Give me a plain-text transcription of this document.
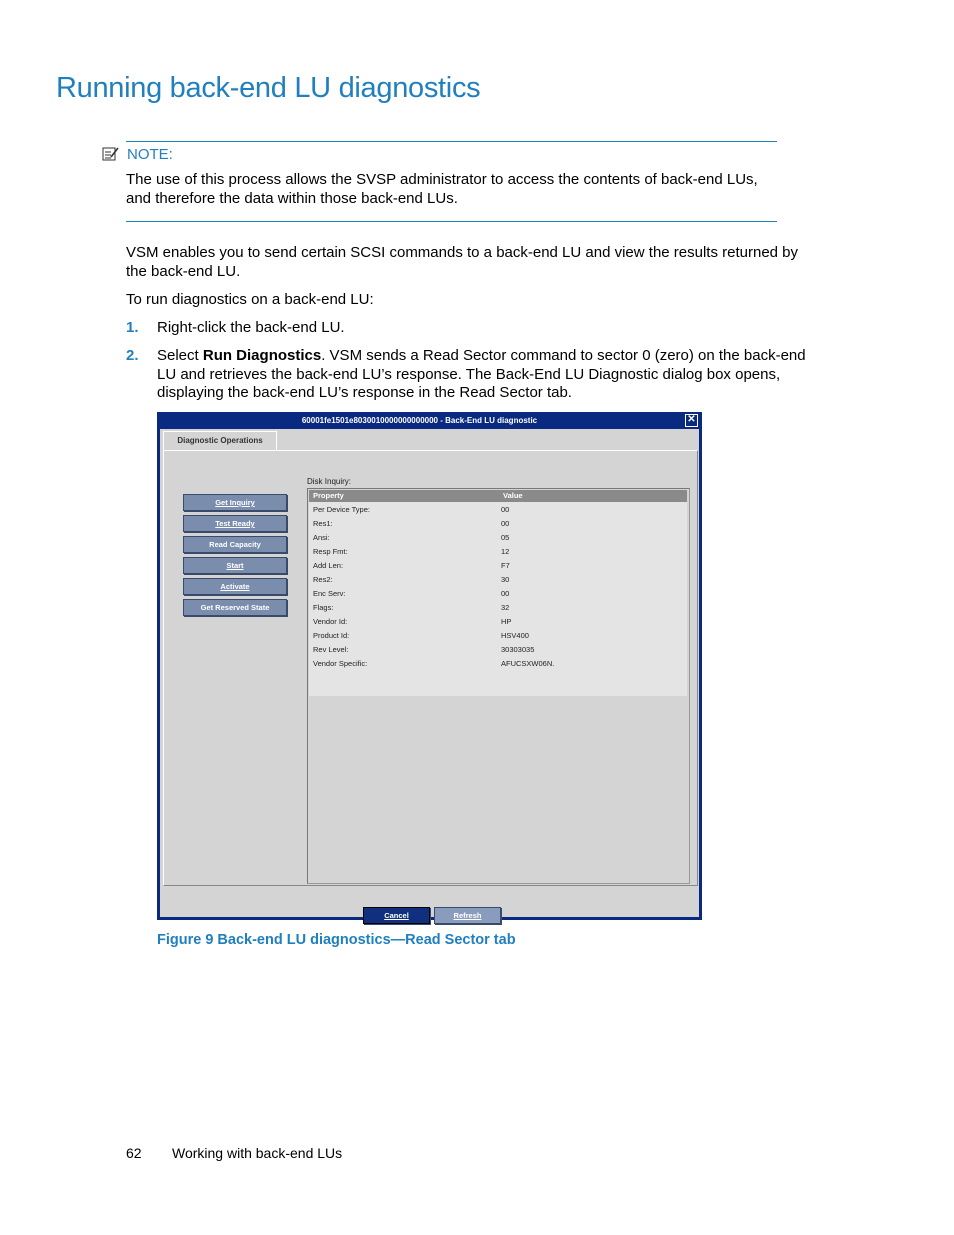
Running back-end LU diagnostics
NOTE:
The use of this process allows the SVSP administrator to access the contents of back-end LUs, and therefore the data within those back-end LUs.
VSM enables you to send certain SCSI commands to a back-end LU and view the results returned by the back-end LU.
To run diagnostics on a back-end LU:
1. Right-click the back-end LU.
2. Select Run Diagnostics. VSM sends a Read Sector command to sector 0 (zero) on the back-end LU and retrieves the back-end LU’s response. The Back-End LU Diagnostic dialog box opens, displaying the back-end LU’s response in the Read Sector tab.
60001fe1501e8030010000000000000 - Back-End LU diagnostic	✕
Diagnostic Operations
Get Inquiry
Test Ready
Read Capacity
Start
Activate
Get Reserved State
Disk Inquiry:
Property	Value
Per Device Type:	00
Res1:	00
Ansi:	05
Resp Fmt:	12
Add Len:	F7
Res2:	30
Enc Serv:	00
Flags:	32
Vendor Id:	HP
Product Id:	HSV400
Rev Level:	30303035
Vendor Specific:	AFUCSXW06N.
Cancel	Refresh
Figure 9 Back-end LU diagnostics—Read Sector tab
62 Working with back-end LUs
